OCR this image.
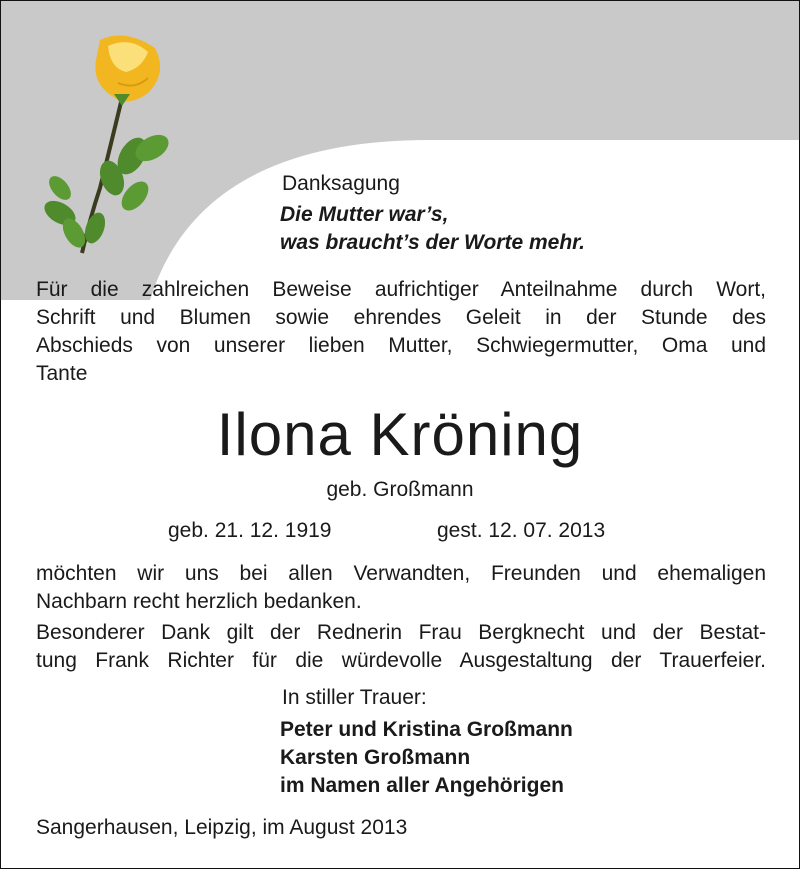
Danksagung

Die Mutter war’s,

was braucht’s der Worte mehr.

Für die zahlreichen Beweise aufrichtiger Anteilnahme durch Wort,

Schrift und Blumen sowie ehrendes Geleit in der Stunde des

Abschieds von unserer lieben Mutter, Schwiegermutter, Oma und

Tante

Ilona Kröning

geb. Großmann

geb. 21. 12. 1919	gest. 12. 07. 2013

möchten wir uns bei allen Verwandten, Freunden und ehemaligen

Nachbarn recht herzlich bedanken.

Besonderer Dank gilt der Rednerin Frau Bergknecht und der Bestat-

tung Frank Richter für die würdevolle Ausgestaltung der Trauerfeier.

In stiller Trauer:

Peter und Kristina Großmann

Karsten Großmann

im Namen aller Angehörigen

Sangerhausen, Leipzig, im August 2013
